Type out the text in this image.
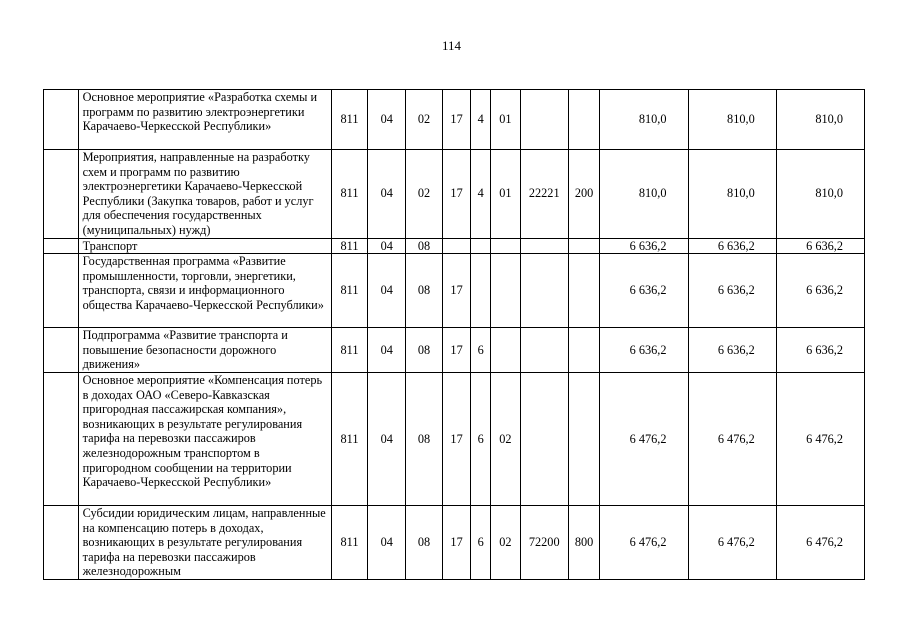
114
	Основное мероприятие «Разработка схемы и программ по развитию электроэнергетики Карачаево-Черкесской Республики»	811	04	02	17	4	01			810,0	810,0	810,0
	Мероприятия, направленные на разработку схем и программ по развитию электроэнергетики Карачаево-Черкесской Республики (Закупка товаров, работ и услуг для обеспечения государственных (муниципальных) нужд)	811	04	02	17	4	01	22221	200	810,0	810,0	810,0
	Транспорт	811	04	08						6 636,2	6 636,2	6 636,2
	Государственная программа «Развитие промышленности, торговли, энергетики, транспорта, связи и информационного общества Карачаево-Черкесской Республики»	811	04	08	17					6 636,2	6 636,2	6 636,2
	Подпрограмма «Развитие транспорта и повышение безопасности дорожного движения»	811	04	08	17	6				6 636,2	6 636,2	6 636,2
	Основное мероприятие «Компенсация потерь в доходах ОАО «Северо-Кавказская пригородная пассажирская компания», возникающих в результате регулирования тарифа на перевозки пассажиров железнодорожным транспортом в пригородном сообщении на территории Карачаево-Черкесской Республики»	811	04	08	17	6	02			6 476,2	6 476,2	6 476,2
	Субсидии юридическим лицам, направленные на компенсацию потерь в доходах, возникающих в результате регулирования тарифа на перевозки пассажиров железнодорожным	811	04	08	17	6	02	72200	800	6 476,2	6 476,2	6 476,2
